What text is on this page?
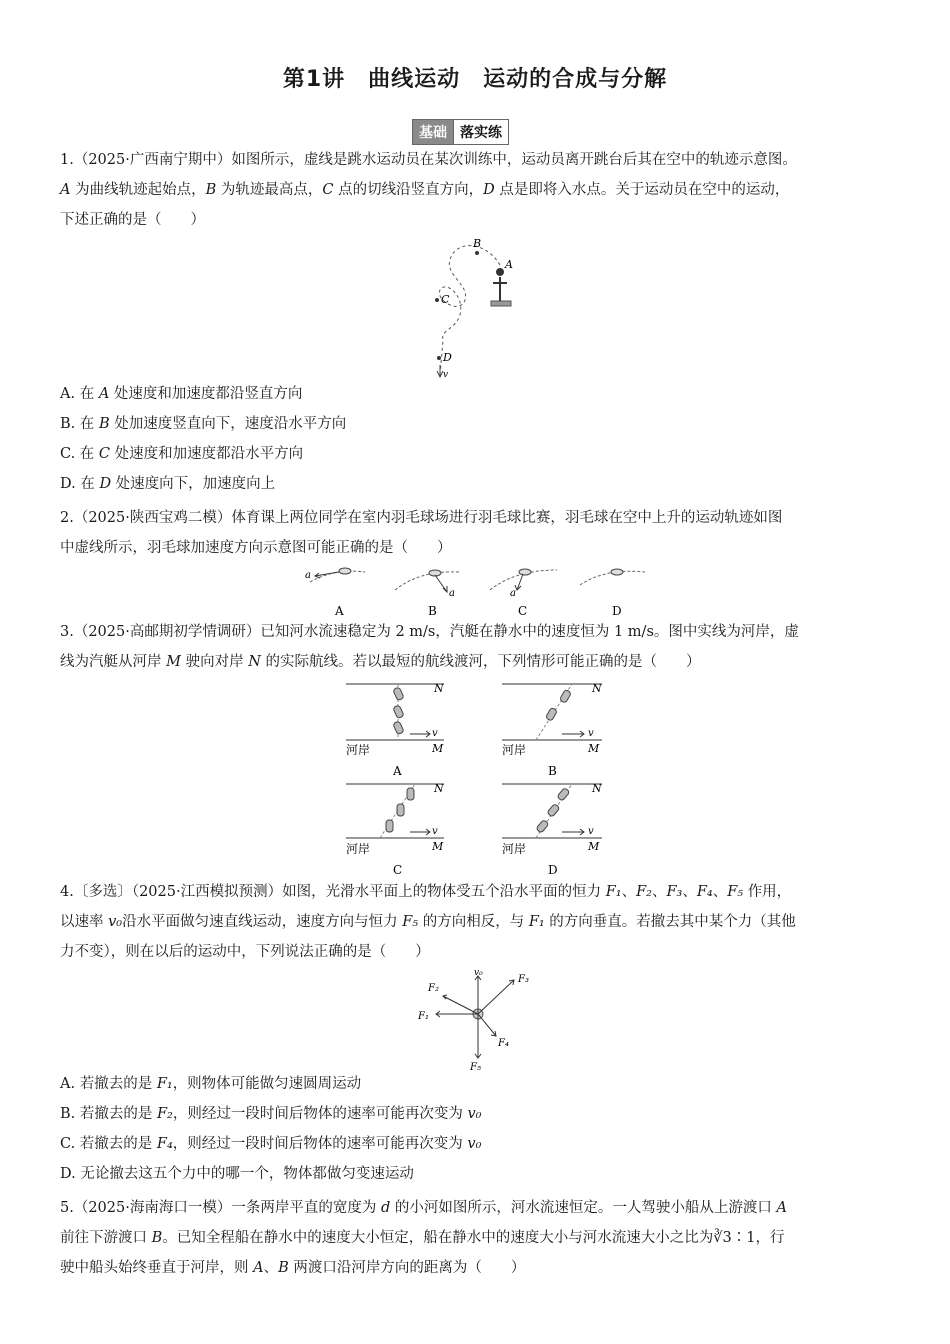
第1讲　曲线运动　运动的合成与分解
基础 落实练
1.（2025·广西南宁期中）如图所示，虚线是跳水运动员在某次训练中，运动员离开跳台后其在空中的轨迹示意图。
A 为曲线轨迹起始点，B 为轨迹最高点，C 点的切线沿竖直方向，D 点是即将入水点。关于运动员在空中的运动，
下述正确的是（　　）
B
A
C
D
v
A. 在 A 处速度和加速度都沿竖直方向
B. 在 B 处加速度竖直向下，速度沿水平方向
C. 在 C 处速度和加速度都沿水平方向
D. 在 D 处速度向下，加速度向上
2.（2025·陕西宝鸡二模）体育课上两位同学在室内羽毛球场进行羽毛球比赛，羽毛球在空中上升的运动轨迹如图
中虚线所示，羽毛球加速度方向示意图可能正确的是（　　）
a
A
a
B
a
C	D
3.（2025·高邮期初学情调研）已知河水流速稳定为 2 m/s，汽艇在静水中的速度恒为 1 m/s。图中实线为河岸，虚
线为汽艇从河岸 M 驶向对岸 N 的实际航线。若以最短的航线渡河，下列情形可能正确的是（　　）
N
v
M
河岸
A
N
v
M
河岸
B
N
v
M
河岸
C
N
v
M
河岸
D
4.〔多选〕（2025·江西模拟预测）如图，光滑水平面上的物体受五个沿水平面的恒力 F₁、F₂、F₃、F₄、F₅ 作用，
以速率 v₀沿水平面做匀速直线运动，速度方向与恒力 F₅ 的方向相反，与 F₁ 的方向垂直。若撤去其中某个力（其他
力不变），则在以后的运动中，下列说法正确的是（　　）
v₀
F₂
F₃
F₁
F₄
F₅
A. 若撤去的是 F₁，则物体可能做匀速圆周运动
B. 若撤去的是 F₂，则经过一段时间后物体的速率可能再次变为 v₀
C. 若撤去的是 F₄，则经过一段时间后物体的速率可能再次变为 v₀
D. 无论撤去这五个力中的哪一个，物体都做匀变速运动
5.（2025·海南海口一模）一条两岸平直的宽度为 d 的小河如图所示，河水流速恒定。一人驾驶小船从上游渡口 A
前往下游渡口 B。已知全程船在静水中的速度大小恒定，船在静水中的速度大小与河水流速大小之比为∛3∶1，行
驶中船头始终垂直于河岸，则 A、B 两渡口沿河岸方向的距离为（　　）
